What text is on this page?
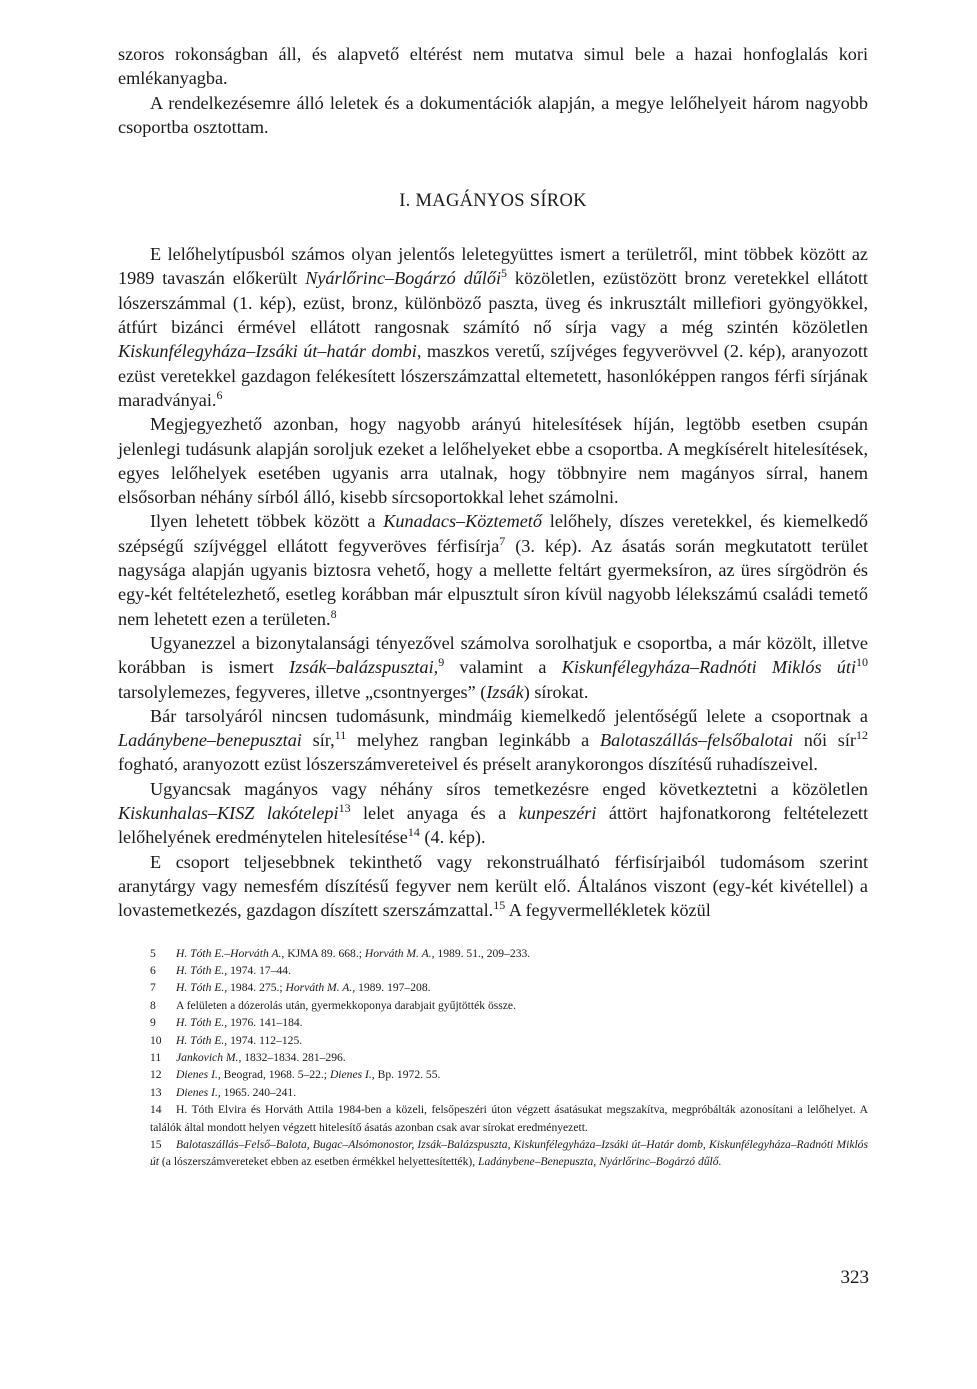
szoros rokonságban áll, és alapvető eltérést nem mutatva simul bele a hazai honfoglalás kori emlékanyagba.

A rendelkezésemre álló leletek és a dokumentációk alapján, a megye lelőhelyeit három nagyobb csoportba osztottam.

I. MAGÁNYOS SÍROK

E lelőhelytípusból számos olyan jelentős leletegyüttes ismert a területről, mint többek között az 1989 tavaszán előkerült Nyárlőrinc–Bogárzó dűlői$^5$ közöletlen, ezüstözött bronz veretekkel ellátott lószerszámmal (1. kép), ezüst, bronz, különböző paszta, üveg és inkrusztált millefiori gyöngyökkel, átfúrt bizánci érmével ellátott rangosnak számító nő sírja vagy a még szintén közöletlen Kiskunfélegyháza–Izsáki út–határ dombi, maszkos veretű, szíjvéges fegyverövvel (2. kép), aranyozott ezüst veretekkel gazdagon felékesített lószerszámzattal eltemetett, hasonlóképpen rangos férfi sírjának maradványai.$^6$

Megjegyezhető azonban, hogy nagyobb arányú hitelesítések híján, legtöbb esetben csupán jelenlegi tudásunk alapján soroljuk ezeket a lelőhelyeket ebbe a csoportba. A megkísérelt hitelesítések, egyes lelőhelyek esetében ugyanis arra utalnak, hogy többnyire nem magányos sírral, hanem elsősorban néhány sírból álló, kisebb sírcsoportokkal lehet számolni.

Ilyen lehetett többek között a Kunadacs–Köztemető lelőhely, díszes veretekkel, és kiemelkedő szépségű szíjvéggel ellátott fegyveröves férfisírja$^7$ (3. kép). Az ásatás során megkutatott terület nagysága alapján ugyanis biztosra vehető, hogy a mellette feltárt gyermeksíron, az üres sírgödrön és egy-két feltételezhető, esetleg korábban már elpusztult síron kívül nagyobb lélekszámú családi temető nem lehetett ezen a területen.$^8$

Ugyanezzel a bizonytalansági tényezővel számolva sorolhatjuk e csoportba, a már közölt, illetve korábban is ismert Izsák–balázspusztai,$^9$ valamint a Kiskunfélegyháza–Radnóti Miklós úti$^{10}$ tarsolylemezes, fegyveres, illetve „csontnyerges” (Izsák) sírokat.

Bár tarsolyáról nincsen tudomásunk, mindmáig kiemelkedő jelentőségű lelete a csoportnak a Ladánybene–benepusztai sír,$^{11}$ melyhez rangban leginkább a Balotaszállás–felsőbalotai női sír$^{12}$ fogható, aranyozott ezüst lószerszámvereteivel és préselt aranykorongos díszítésű ruhadíszeivel.

Ugyancsak magányos vagy néhány síros temetkezésre enged következtetni a közöletlen Kiskunhalas–KISZ lakótelepi$^{13}$ lelet anyaga és a kunpeszéri áttört hajfonatkorong feltételezett lelőhelyének eredménytelen hitelesítése$^{14}$ (4. kép).

E csoport teljesebbnek tekinthető vagy rekonstruálható férfisírjaiból tudomásom szerint aranytárgy vagy nemesfém díszítésű fegyver nem került elő. Általános viszont (egy-két kivétellel) a lovastemetkezés, gazdagon díszített szerszámzattal.$^{15}$ A fegyvermellékletek közül

5	H. Tóth E.–Horváth A., KJMA 89. 668.; Horváth M. A., 1989. 51., 209–233.
6	H. Tóth E., 1974. 17–44.
7	H. Tóth E., 1984. 275.; Horváth M. A., 1989. 197–208.
8	A felületen a dózerolás után, gyermekkoponya darabjait gyűjtötték össze.
9	H. Tóth E., 1976. 141–184.
10	H. Tóth E., 1974. 112–125.
11	Jankovich M., 1832–1834. 281–296.
12	Dienes I., Beograd, 1968. 5–22.; Dienes I., Bp. 1972. 55.
13	Dienes I., 1965. 240–241.
14 H. Tóth Elvira és Horváth Attila 1984-ben a közeli, felsőpeszéri úton végzett ásatásukat megszakítva, megpróbálták azonosítani a lelőhelyet. A találók által mondott helyen végzett hitelesítő ásatás azonban csak avar sírokat eredményezett.
15 Balotaszállás–Felső–Balota, Bugac–Alsómonostor, Izsák–Balázspuszta, Kiskunfélegyháza–Izsáki út–Határ domb, Kiskunfélegyháza–Radnóti Miklós út (a lószerszámvereteket ebben az esetben érmékkel helyettesítették), Ladánybene–Benepuszta, Nyárlőrinc–Bogárzó dűlő.
323
